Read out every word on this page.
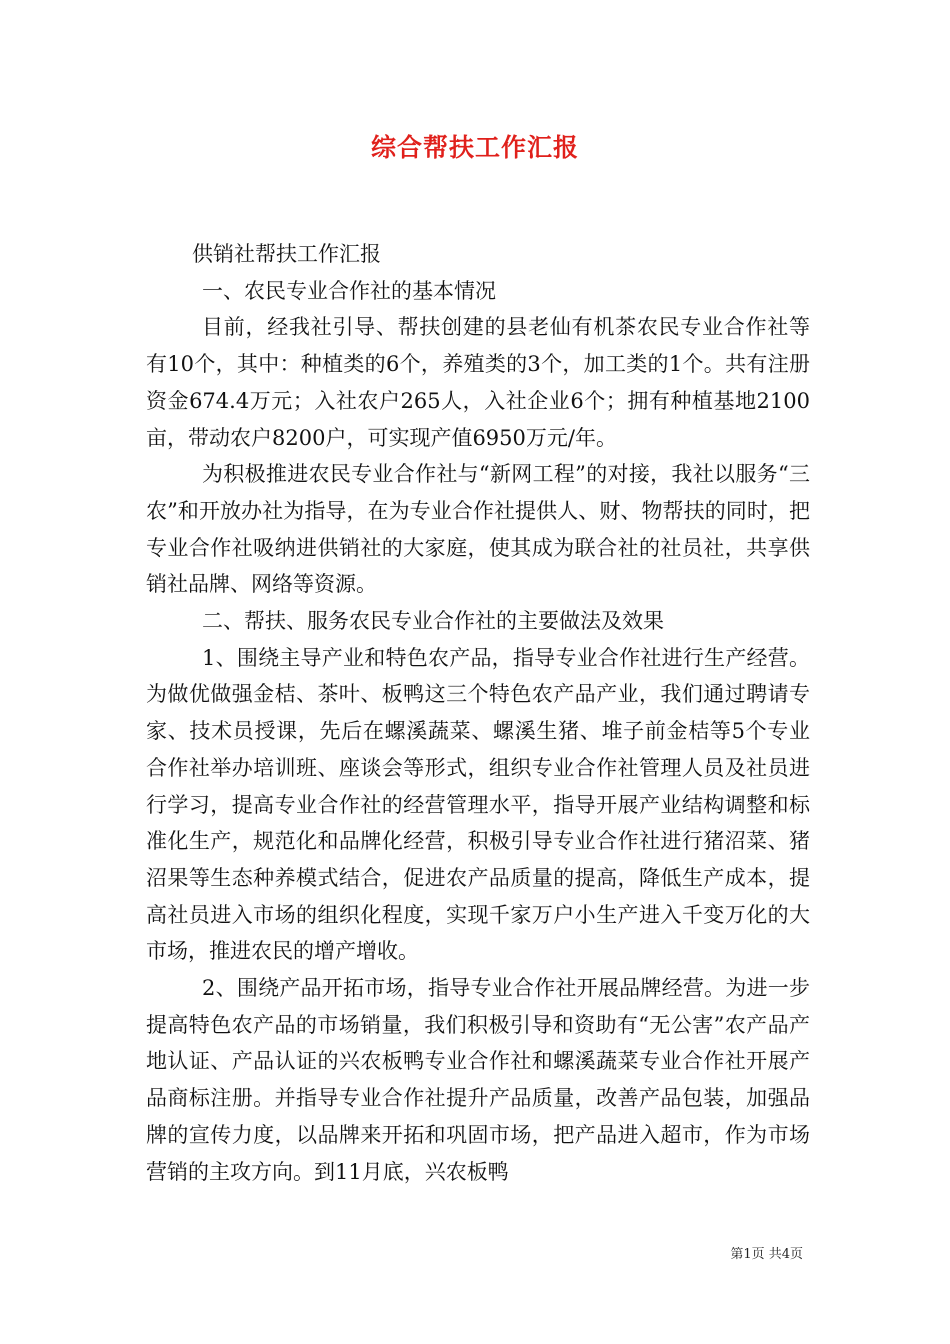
综合帮扶工作汇报

供销社帮扶工作汇报

一、农民专业合作社的基本情况

目前，经我社引导、帮扶创建的县老仙有机茶农民专业合作社等有10个，其中：种植类的6个，养殖类的3个，加工类的1个。共有注册资金674.4万元；入社农户265人，入社企业6个；拥有种植基地2100亩，带动农户8200户，可实现产值6950万元/年。

为积极推进农民专业合作社与“新网工程”的对接，我社以服务“三农”和开放办社为指导，在为专业合作社提供人、财、物帮扶的同时，把专业合作社吸纳进供销社的大家庭，使其成为联合社的社员社，共享供销社品牌、网络等资源。

二、帮扶、服务农民专业合作社的主要做法及效果

1、围绕主导产业和特色农产品，指导专业合作社进行生产经营。为做优做强金桔、茶叶、板鸭这三个特色农产品产业，我们通过聘请专家、技术员授课，先后在螺溪蔬菜、螺溪生猪、堆子前金桔等5个专业合作社举办培训班、座谈会等形式，组织专业合作社管理人员及社员进行学习，提高专业合作社的经营管理水平，指导开展产业结构调整和标准化生产，规范化和品牌化经营，积极引导专业合作社进行猪沼菜、猪沼果等生态种养模式结合，促进农产品质量的提高，降低生产成本，提高社员进入市场的组织化程度，实现千家万户小生产进入千变万化的大市场，推进农民的增产增收。

2、围绕产品开拓市场，指导专业合作社开展品牌经营。为进一步提高特色农产品的市场销量，我们积极引导和资助有“无公害”农产品产地认证、产品认证的兴农板鸭专业合作社和螺溪蔬菜专业合作社开展产品商标注册。并指导专业合作社提升产品质量，改善产品包装，加强品牌的宣传力度，以品牌来开拓和巩固市场，把产品进入超市，作为市场营销的主攻方向。到11月底，兴农板鸭

第1页 共4页
